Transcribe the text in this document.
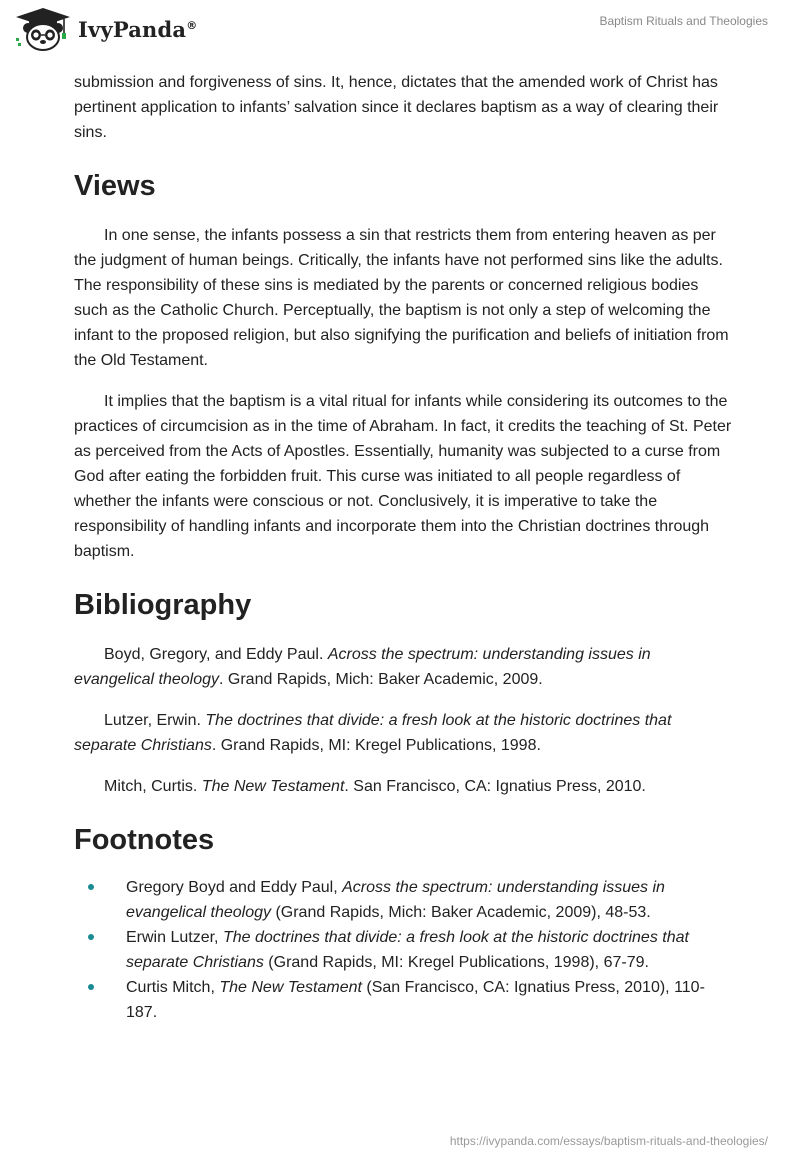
IvyPanda®	Baptism Rituals and Theologies

submission and forgiveness of sins. It, hence, dictates that the amended work of Christ has pertinent application to infants’ salvation since it declares baptism as a way of clearing their sins.

Views

In one sense, the infants possess a sin that restricts them from entering heaven as per the judgment of human beings. Critically, the infants have not performed sins like the adults. The responsibility of these sins is mediated by the parents or concerned religious bodies such as the Catholic Church. Perceptually, the baptism is not only a step of welcoming the infant to the proposed religion, but also signifying the purification and beliefs of initiation from the Old Testament.

It implies that the baptism is a vital ritual for infants while considering its outcomes to the practices of circumcision as in the time of Abraham. In fact, it credits the teaching of St. Peter as perceived from the Acts of Apostles. Essentially, humanity was subjected to a curse from God after eating the forbidden fruit. This curse was initiated to all people regardless of whether the infants were conscious or not. Conclusively, it is imperative to take the responsibility of handling infants and incorporate them into the Christian doctrines through baptism.

Bibliography

Boyd, Gregory, and Eddy Paul. Across the spectrum: understanding issues in evangelical theology. Grand Rapids, Mich: Baker Academic, 2009.

Lutzer, Erwin. The doctrines that divide: a fresh look at the historic doctrines that separate Christians. Grand Rapids, MI: Kregel Publications, 1998.

Mitch, Curtis. The New Testament. San Francisco, CA: Ignatius Press, 2010.

Footnotes
Gregory Boyd and Eddy Paul, Across the spectrum: understanding issues in evangelical theology (Grand Rapids, Mich: Baker Academic, 2009), 48-53.
Erwin Lutzer, The doctrines that divide: a fresh look at the historic doctrines that separate Christians (Grand Rapids, MI: Kregel Publications, 1998), 67-79.
Curtis Mitch, The New Testament (San Francisco, CA: Ignatius Press, 2010), 110-187.
https://ivypanda.com/essays/baptism-rituals-and-theologies/
